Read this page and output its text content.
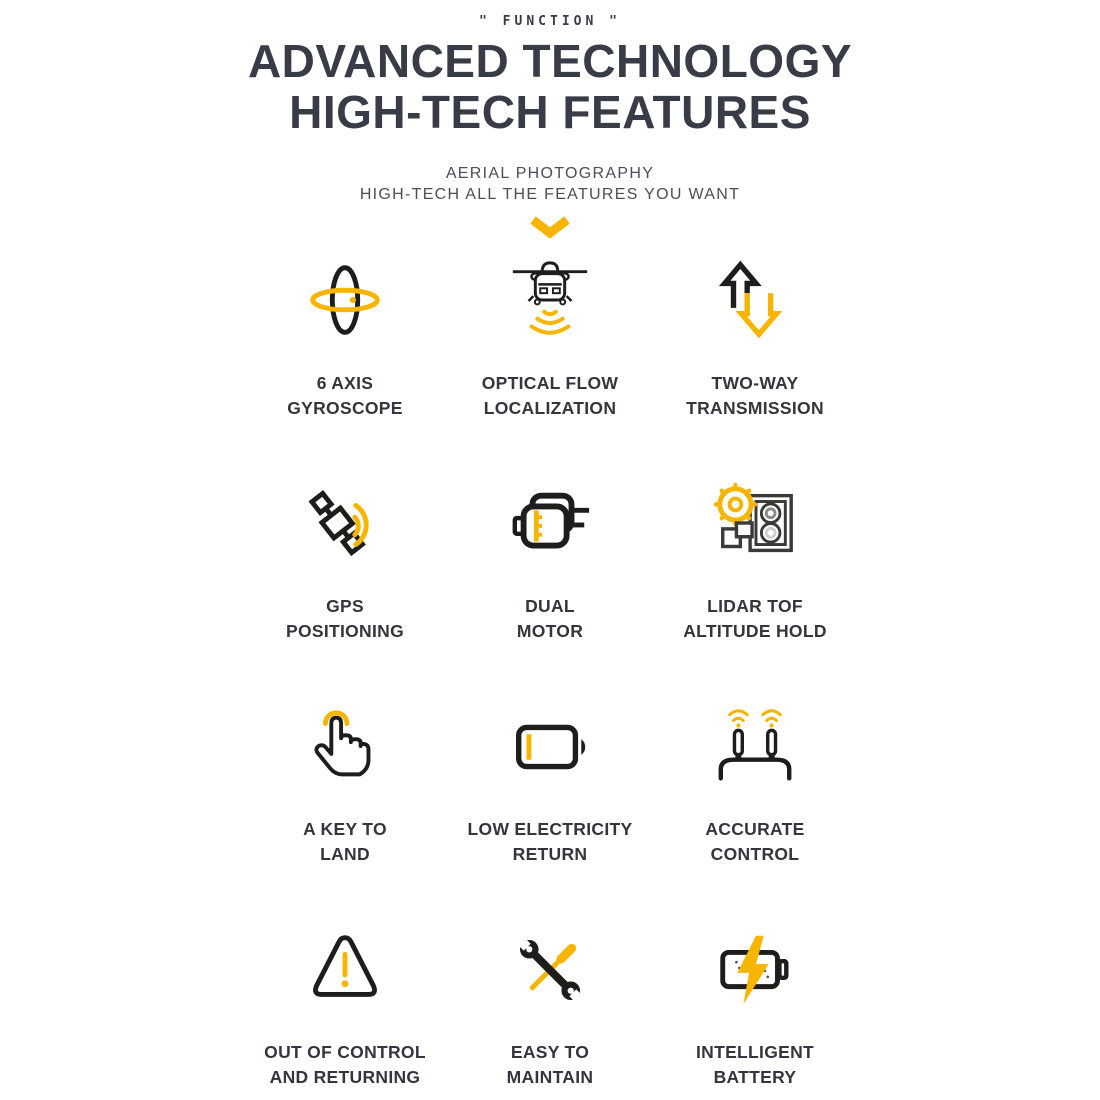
" FUNCTION "
ADVANCED TECHNOLOGY
HIGH-TECH FEATURES
AERIAL PHOTOGRAPHY
HIGH-TECH ALL THE FEATURES YOU WANT
6 AXIS
GYROSCOPE
OPTICAL FLOW
LOCALIZATION
TWO-WAY
TRANSMISSION
GPS
POSITIONING
DUAL
MOTOR
LIDAR TOF
ALTITUDE HOLD
A KEY TO
LAND
LOW ELECTRICITY
RETURN
ACCURATE
CONTROL
OUT OF CONTROL
AND RETURNING
EASY TO
MAINTAIN
INTELLIGENT
BATTERY
